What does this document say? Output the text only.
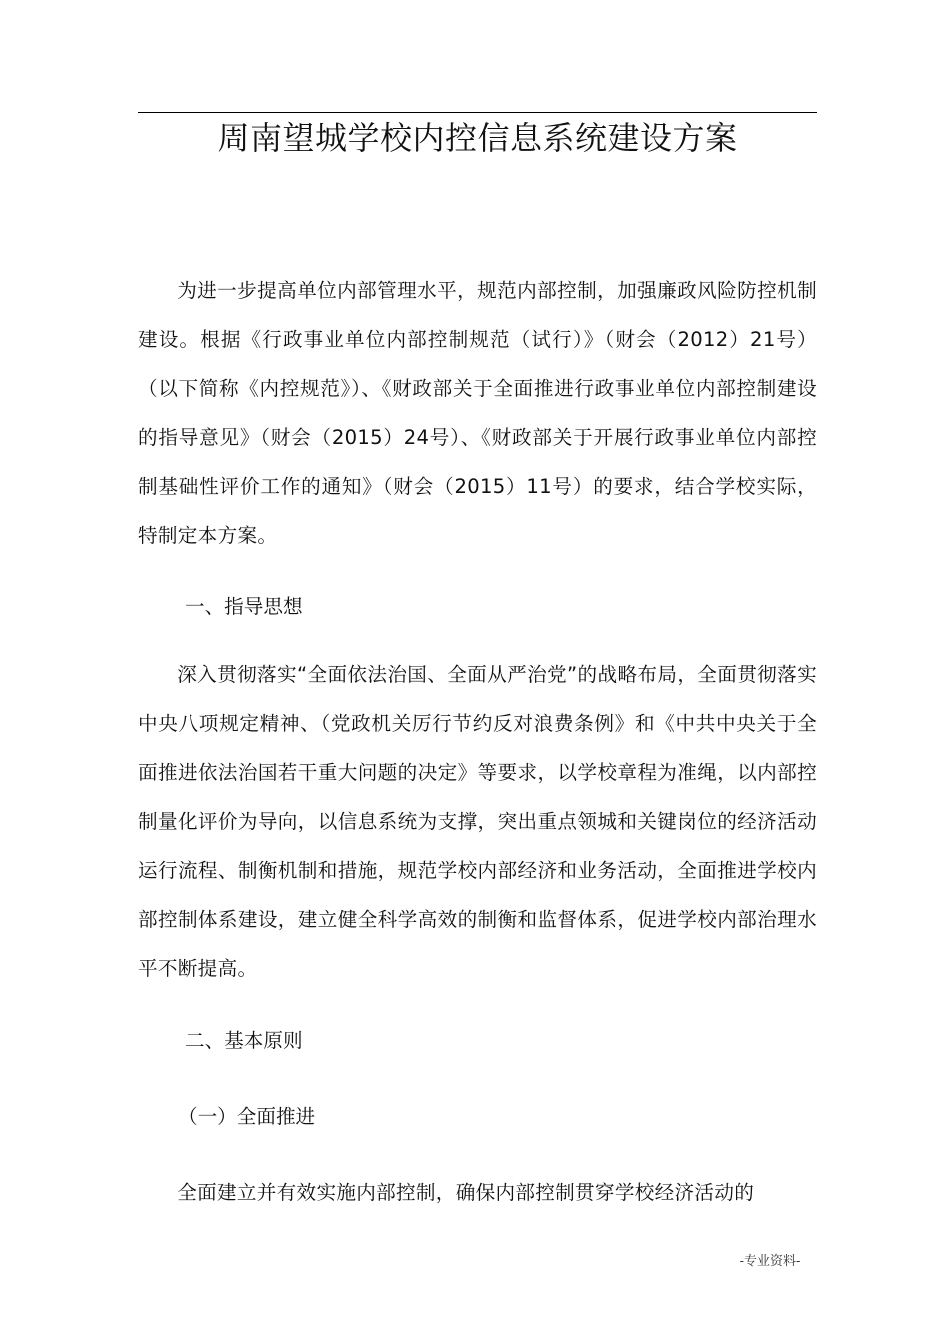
周南望城学校内控信息系统建设方案

为进一步提高单位内部管理水平，规范内部控制，加强廉政风险防控机制建设。根据《行政事业单位内部控制规范（试行）》（财会（2012）21号）（以下简称《内控规范》）、《财政部关于全面推进行政事业单位内部控制建设的指导意见》（财会（2015）24号）、《财政部关于开展行政事业单位内部控制基础性评价工作的通知》（财会（2015）11号）的要求，结合学校实际，特制定本方案。

一、指导思想

深入贯彻落实“全面依法治国、全面从严治党”的战略布局，全面贯彻落实中央八项规定精神、（党政机关厉行节约反对浪费条例》和《中共中央关于全面推进依法治国若干重大问题的决定》等要求，以学校章程为准绳，以内部控制量化评价为导向，以信息系统为支撑，突出重点领城和关键岗位的经济活动运行流程、制衡机制和措施，规范学校内部经济和业务活动，全面推进学校内部控制体系建设，建立健全科学高效的制衡和监督体系，促进学校内部治理水平不断提高。

二、基本原则
（一）全面推进

全面建立并有效实施内部控制，确保内部控制贯穿学校经济活动的

-专业资料-
